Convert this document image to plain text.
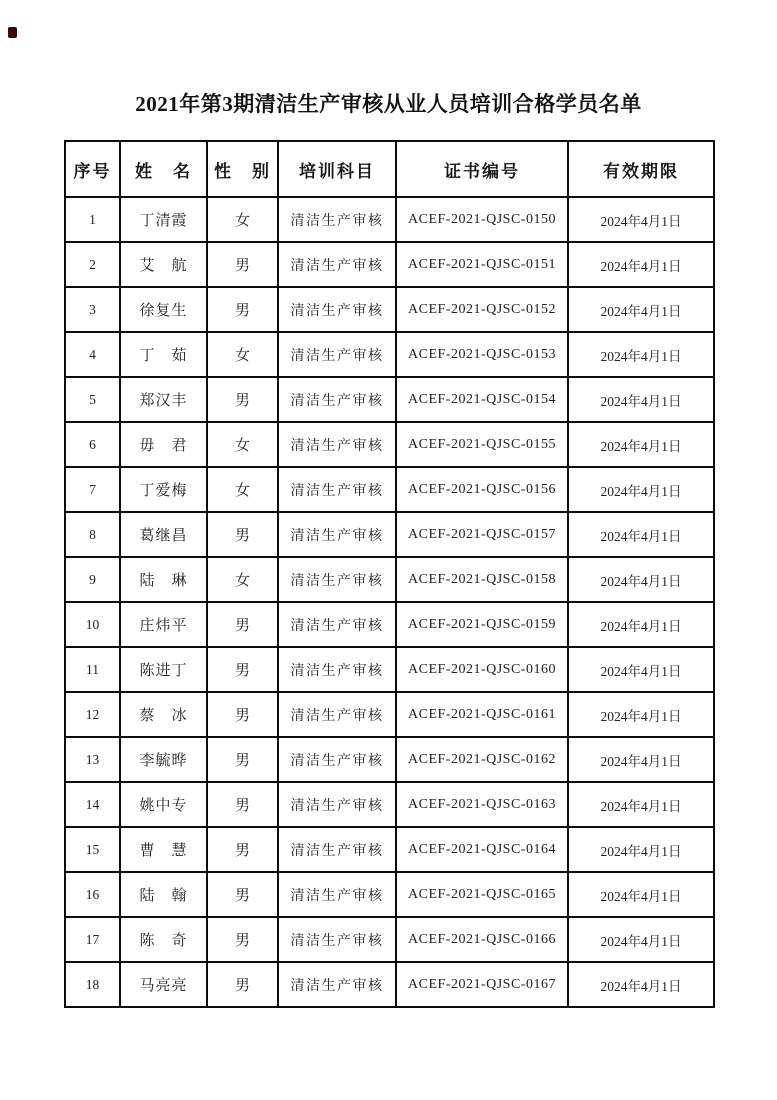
2021年第3期清洁生产审核从业人员培训合格学员名单
序号	姓　名	性　别	培训科目	证书编号	有效期限
1	丁清霞	女	清洁生产审核	ACEF-2021-QJSC-0150	2024年4月1日
2	艾　航	男	清洁生产审核	ACEF-2021-QJSC-0151	2024年4月1日
3	徐复生	男	清洁生产审核	ACEF-2021-QJSC-0152	2024年4月1日
4	丁　茹	女	清洁生产审核	ACEF-2021-QJSC-0153	2024年4月1日
5	郑汉丰	男	清洁生产审核	ACEF-2021-QJSC-0154	2024年4月1日
6	毋　君	女	清洁生产审核	ACEF-2021-QJSC-0155	2024年4月1日
7	丁爱梅	女	清洁生产审核	ACEF-2021-QJSC-0156	2024年4月1日
8	葛继昌	男	清洁生产审核	ACEF-2021-QJSC-0157	2024年4月1日
9	陆　琳	女	清洁生产审核	ACEF-2021-QJSC-0158	2024年4月1日
10	庄炜平	男	清洁生产审核	ACEF-2021-QJSC-0159	2024年4月1日
11	陈进丁	男	清洁生产审核	ACEF-2021-QJSC-0160	2024年4月1日
12	蔡　冰	男	清洁生产审核	ACEF-2021-QJSC-0161	2024年4月1日
13	李毓晔	男	清洁生产审核	ACEF-2021-QJSC-0162	2024年4月1日
14	姚中专	男	清洁生产审核	ACEF-2021-QJSC-0163	2024年4月1日
15	曹　慧	男	清洁生产审核	ACEF-2021-QJSC-0164	2024年4月1日
16	陆　翰	男	清洁生产审核	ACEF-2021-QJSC-0165	2024年4月1日
17	陈　奇	男	清洁生产审核	ACEF-2021-QJSC-0166	2024年4月1日
18	马亮亮	男	清洁生产审核	ACEF-2021-QJSC-0167	2024年4月1日
